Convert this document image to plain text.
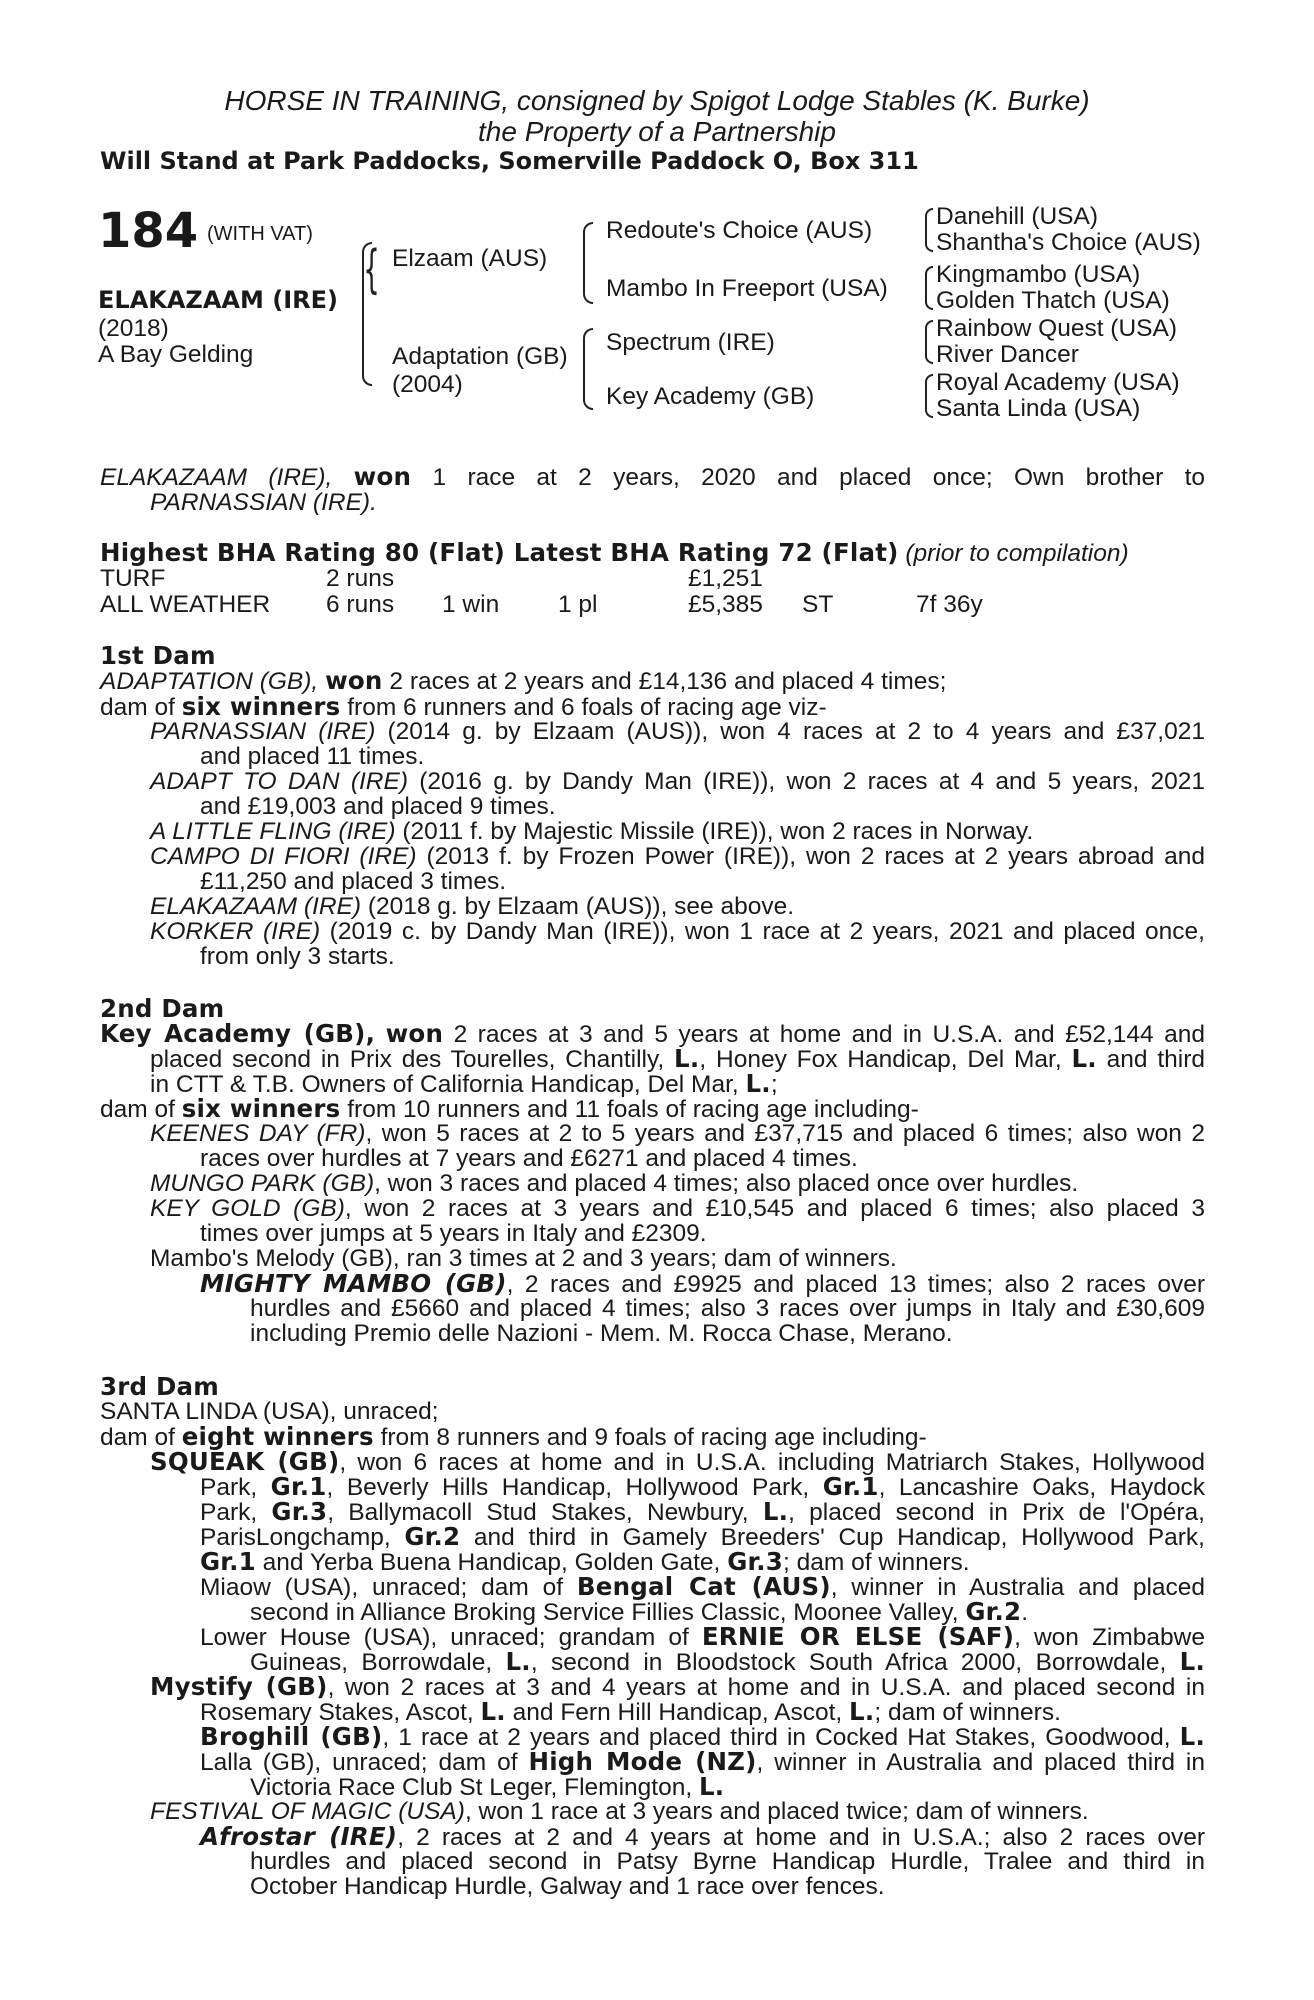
HORSE IN TRAINING, consigned by Spigot Lodge Stables (K. Burke)
the Property of a Partnership
Will Stand at Park Paddocks, Somerville Paddock O, Box 311
184 $^{(WITH VAT)}$
ELAKAZAAM (IRE)
(2018)
A Bay Gelding
{ Elzaam (AUS)
Adaptation (GB)
(2004)
Redoute's Choice (AUS)
Mambo In Freeport (USA)
Spectrum (IRE)
Key Academy (GB)
Danehill (USA)
Shantha's Choice (AUS)
Kingmambo (USA)
Golden Thatch (USA)
Rainbow Quest (USA)
River Dancer
Royal Academy (USA)
Santa Linda (USA)
ELAKAZAAM (IRE), won 1 race at 2 years, 2020 and placed once; Own brother to
PARNASSIAN (IRE).
Highest BHA Rating 80 (Flat) Latest BHA Rating 72 (Flat) (prior to compilation)
TURF	2 runs	£1,251
ALL WEATHER 6 runs 1 win 1 pl	£5,385 ST	7f 36y
1st Dam
ADAPTATION (GB), won 2 races at 2 years and £14,136 and placed 4 times;
dam of six winners from 6 runners and 6 foals of racing age viz-
PARNASSIAN (IRE) (2014 g. by Elzaam (AUS)), won 4 races at 2 to 4 years and £37,021
and placed 11 times.
ADAPT TO DAN (IRE) (2016 g. by Dandy Man (IRE)), won 2 races at 4 and 5 years, 2021
and £19,003 and placed 9 times.
A LITTLE FLING (IRE) (2011 f. by Majestic Missile (IRE)), won 2 races in Norway.
CAMPO DI FIORI (IRE) (2013 f. by Frozen Power (IRE)), won 2 races at 2 years abroad and
£11,250 and placed 3 times.
ELAKAZAAM (IRE) (2018 g. by Elzaam (AUS)), see above.
KORKER (IRE) (2019 c. by Dandy Man (IRE)), won 1 race at 2 years, 2021 and placed once,
from only 3 starts.
2nd Dam
Key Academy (GB), won 2 races at 3 and 5 years at home and in U.S.A. and £52,144 and
placed second in Prix des Tourelles, Chantilly, L., Honey Fox Handicap, Del Mar, L. and third
in CTT & T.B. Owners of California Handicap, Del Mar, L.;
dam of six winners from 10 runners and 11 foals of racing age including-
KEENES DAY (FR), won 5 races at 2 to 5 years and £37,715 and placed 6 times; also won 2
races over hurdles at 7 years and £6271 and placed 4 times.
MUNGO PARK (GB), won 3 races and placed 4 times; also placed once over hurdles.
KEY GOLD (GB), won 2 races at 3 years and £10,545 and placed 6 times; also placed 3
times over jumps at 5 years in Italy and £2309.
Mambo's Melody (GB), ran 3 times at 2 and 3 years; dam of winners.
MIGHTY MAMBO (GB), 2 races and £9925 and placed 13 times; also 2 races over
hurdles and £5660 and placed 4 times; also 3 races over jumps in Italy and £30,609
including Premio delle Nazioni - Mem. M. Rocca Chase, Merano.
3rd Dam
SANTA LINDA (USA), unraced;
dam of eight winners from 8 runners and 9 foals of racing age including-
SQUEAK (GB), won 6 races at home and in U.S.A. including Matriarch Stakes, Hollywood
Park, Gr.1, Beverly Hills Handicap, Hollywood Park, Gr.1, Lancashire Oaks, Haydock
Park, Gr.3, Ballymacoll Stud Stakes, Newbury, L., placed second in Prix de l'Opéra,
ParisLongchamp, Gr.2 and third in Gamely Breeders' Cup Handicap, Hollywood Park,
Gr.1 and Yerba Buena Handicap, Golden Gate, Gr.3; dam of winners.
Miaow (USA), unraced; dam of Bengal Cat (AUS), winner in Australia and placed
second in Alliance Broking Service Fillies Classic, Moonee Valley, Gr.2.
Lower House (USA), unraced; grandam of ERNIE OR ELSE (SAF), won Zimbabwe
Guineas, Borrowdale, L., second in Bloodstock South Africa 2000, Borrowdale, L.
Mystify (GB), won 2 races at 3 and 4 years at home and in U.S.A. and placed second in
Rosemary Stakes, Ascot, L. and Fern Hill Handicap, Ascot, L.; dam of winners.
Broghill (GB), 1 race at 2 years and placed third in Cocked Hat Stakes, Goodwood, L.
Lalla (GB), unraced; dam of High Mode (NZ), winner in Australia and placed third in
Victoria Race Club St Leger, Flemington, L.
FESTIVAL OF MAGIC (USA), won 1 race at 3 years and placed twice; dam of winners.
Afrostar (IRE), 2 races at 2 and 4 years at home and in U.S.A.; also 2 races over
hurdles and placed second in Patsy Byrne Handicap Hurdle, Tralee and third in
October Handicap Hurdle, Galway and 1 race over fences.
